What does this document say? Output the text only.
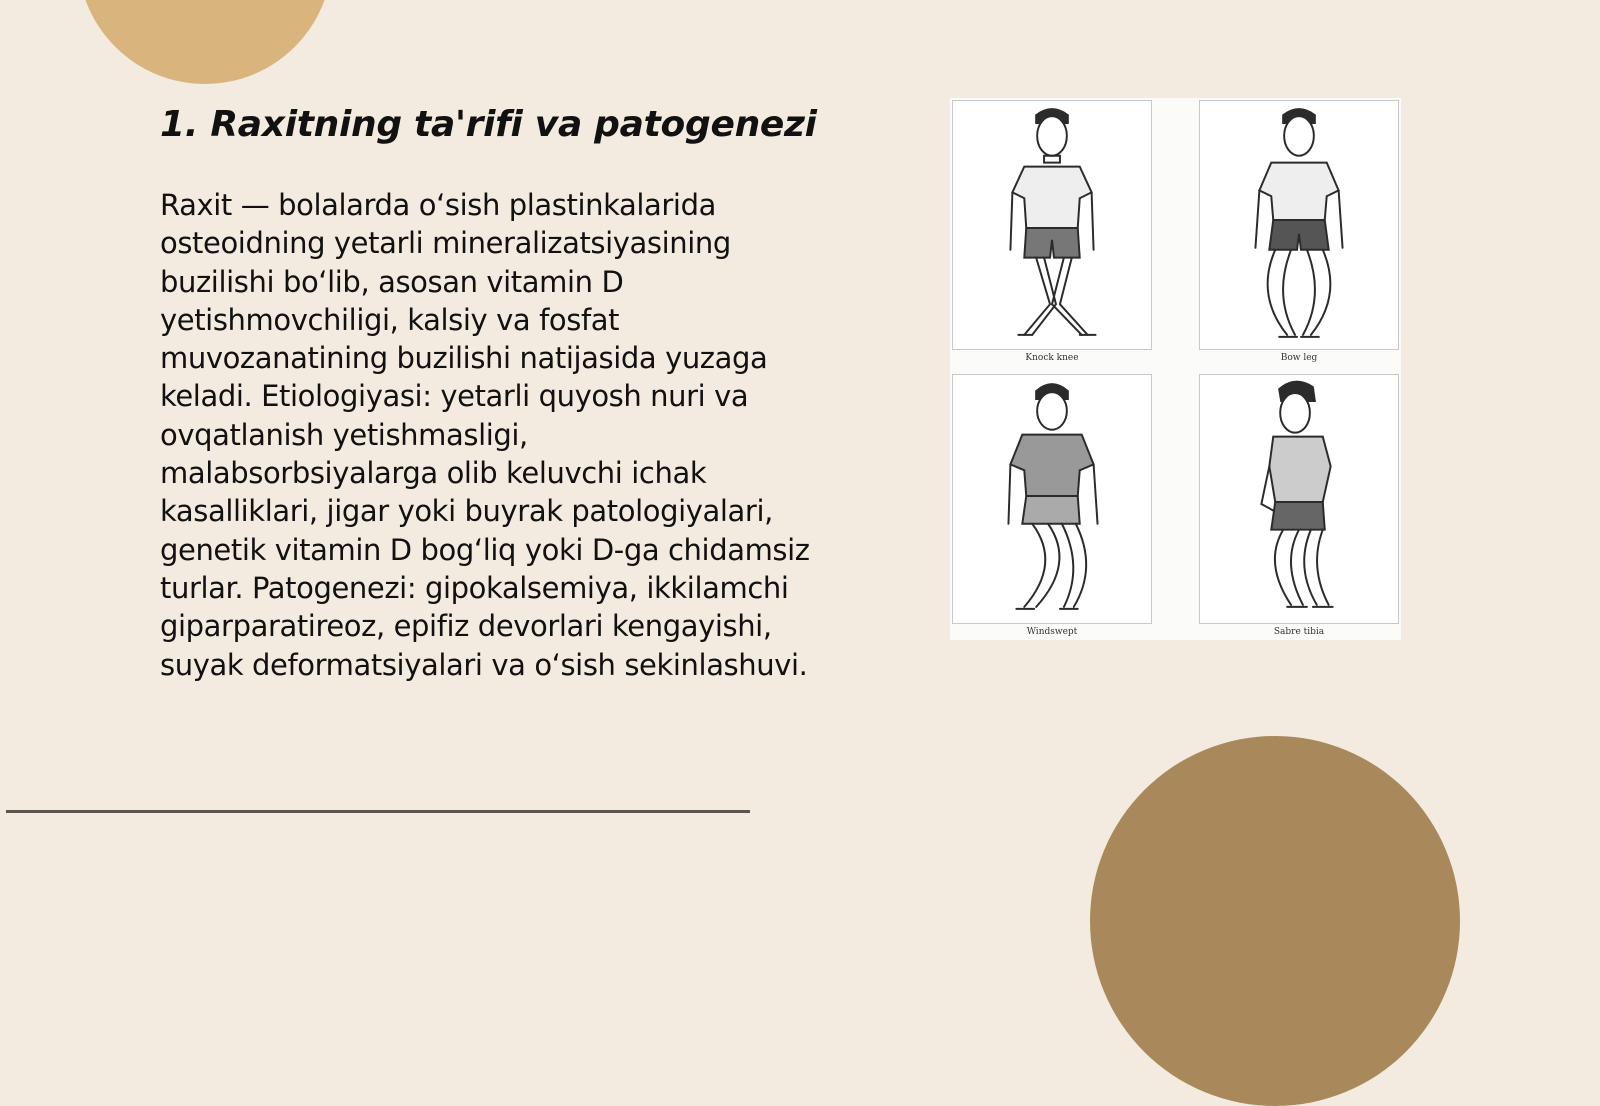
1. Raxitning ta'rifi va patogenezi
Raxit — bolalarda o‘sish plastinkalarida
osteoidning yetarli mineralizatsiyasining
buzilishi bo‘lib, asosan vitamin D
yetishmovchiligi, kalsiy va fosfat
muvozanatining buzilishi natijasida yuzaga
keladi. Etiologiyasi: yetarli quyosh nuri va
ovqatlanish yetishmasligi,
malabsorbsiyalarga olib keluvchi ichak
kasalliklari, jigar yoki buyrak patologiyalari,
genetik vitamin D bog‘liq yoki D-ga chidamsiz
turlar. Patogenezi: gipokalsemiya, ikkilamchi
giparparatireoz, epifiz devorlari kengayishi,
suyak deformatsiyalari va o‘sish sekinlashuvi.
Knock knee	Bow leg
Windswept	Sabre tibia
